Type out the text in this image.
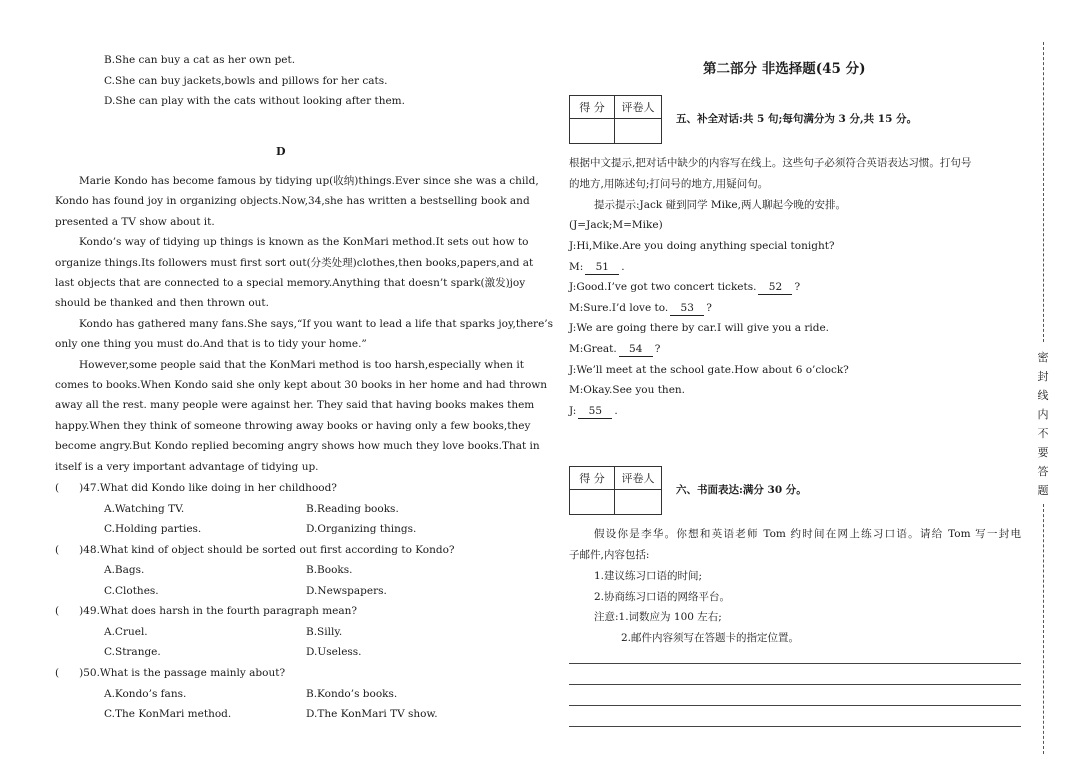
B.She can buy a cat as her own pet.
C.She can buy jackets,bowls and pillows for her cats.
D.She can play with the cats without looking after them.
D
Marie Kondo has become famous by tidying up(收纳)things.Ever since she was a child,
Kondo has found joy in organizing objects.Now,34,she has written a bestselling book and
presented a TV show about it.
Kondo’s way of tidying up things is known as the KonMari method.It sets out how to
organize things.Its followers must first sort out(分类处理)clothes,then books,papers,and at
last objects that are connected to a special memory.Anything that doesn’t spark(激发)joy
should be thanked and then thrown out.
Kondo has gathered many fans.She says,“If you want to lead a life that sparks joy,there’s
only one thing you must do.And that is to tidy your home.”
However,some people said that the KonMari method is too harsh,especially when it
comes to books.When Kondo said she only kept about 30 books in her home and had thrown
away all the rest. many people were against her. They said that having books makes them
happy.When they think of someone throwing away books or having only a few books,they
become angry.But Kondo replied becoming angry shows how much they love books.That in
itself is a very important advantage of tidying up.
(      )47.What did Kondo like doing in her childhood?
A.Watching TV.	B.Reading books.
C.Holding parties.	D.Organizing things.
(      )48.What kind of object should be sorted out first according to Kondo?
A.Bags.	B.Books.
C.Clothes.	D.Newspapers.
(      )49.What does harsh in the fourth paragraph mean?
A.Cruel.	B.Silly.
C.Strange.	D.Useless.
(      )50.What is the passage mainly about?
A.Kondo’s fans.	B.Kondo’s books.
C.The KonMari method.	D.The KonMari TV show.
第二部分 非选择题(45 分)
得 分	评卷人

五、补全对话:共 5 句;每句满分为 3 分,共 15 分。
根据中文提示,把对话中缺少的内容写在线上。这些句子必须符合英语表达习惯。打句号
的地方,用陈述句;打问号的地方,用疑问句。
提示提示:Jack 碰到同学 Mike,两人聊起今晚的安排。
(J=Jack;M=Mike)
J:Hi,Mike.Are you doing anything special tonight?
M: 51 .
J:Good.I’ve got two concert tickets. 52 ?
M:Sure.I’d love to. 53 ?
J:We are going there by car.I will give you a ride.
M:Great. 54 ?
J:We’ll meet at the school gate.How about 6 o’clock?
M:Okay.See you then.
J: 55 .
得 分	评卷人

六、书面表达:满分 30 分。
假设你是李华。你想和英语老师 Tom 约时间在网上练习口语。请给 Tom 写一封电
子邮件,内容包括:
1.建议练习口语的时间;
2.协商练习口语的网络平台。
注意:1.词数应为 100 左右;
2.邮件内容须写在答题卡的指定位置。
密
封
线
内
不
要
答
题
